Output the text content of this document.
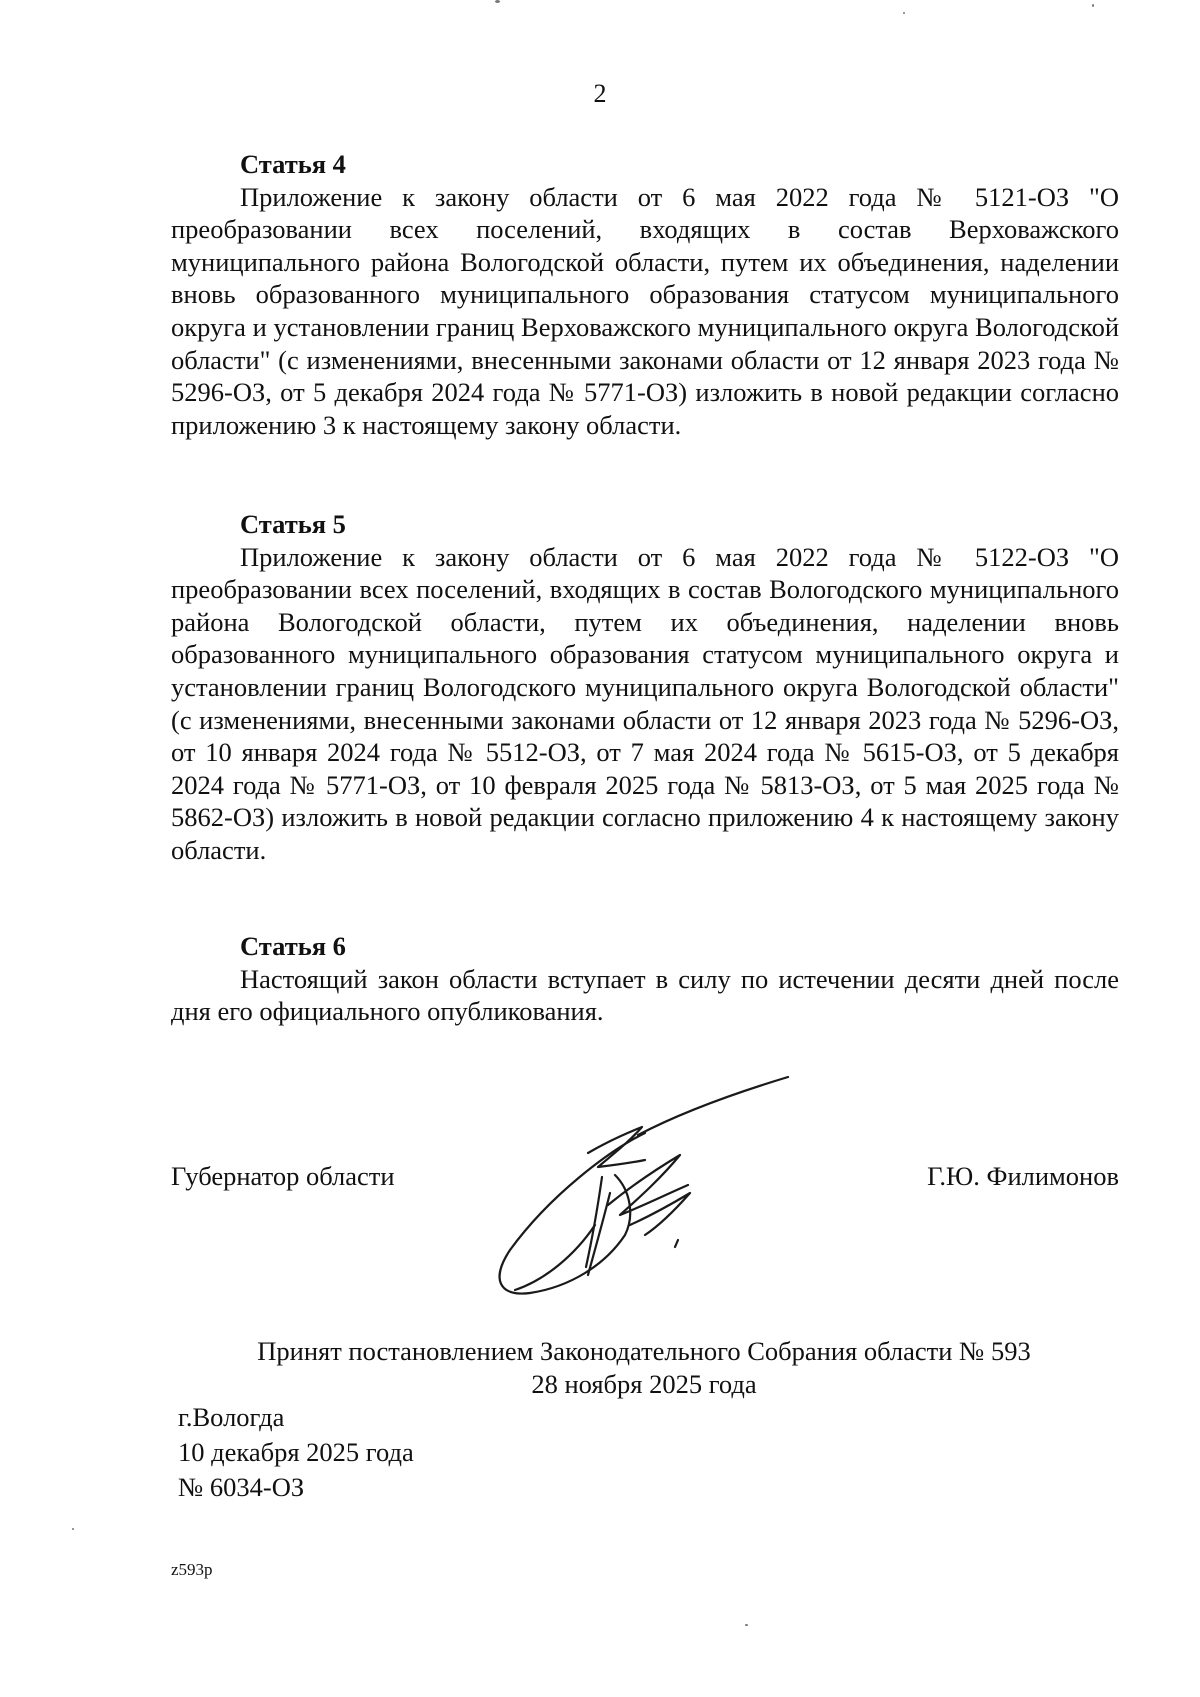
2

Статья 4

Приложение к закону области от 6 мая 2022 года № 5121-ОЗ "О преобразовании всех поселений, входящих в состав Верховажского муниципального района Вологодской области, путем их объединения, наделении вновь образованного муниципального образования статусом муниципального округа и установлении границ Верховажского муниципального округа Вологодской области" (с изменениями, внесенными законами области от 12 января 2023 года № 5296-ОЗ, от 5 декабря 2024 года № 5771-ОЗ) изложить в новой редакции согласно приложению 3 к настоящему закону области.

Статья 5

Приложение к закону области от 6 мая 2022 года № 5122-ОЗ "О преобразовании всех поселений, входящих в состав Вологодского муниципального района Вологодской области, путем их объединения, наделении вновь образованного муниципального образования статусом муниципального округа и установлении границ Вологодского муниципального округа Вологодской области" (с изменениями, внесенными законами области от 12 января 2023 года № 5296-ОЗ, от 10 января 2024 года № 5512-ОЗ, от 7 мая 2024 года № 5615-ОЗ, от 5 декабря 2024 года № 5771-ОЗ, от 10 февраля 2025 года № 5813-ОЗ, от 5 мая 2025 года № 5862-ОЗ) изложить в новой редакции согласно приложению 4 к настоящему закону области.

Статья 6

Настоящий закон области вступает в силу по истечении десяти дней после дня его официального опубликования.

Губернатор области	Г.Ю. Филимонов

Принят постановлением Законодательного Собрания области № 593

28 ноября 2025 года

г.Вологда

10 декабря 2025 года

№ 6034-ОЗ

z593p
